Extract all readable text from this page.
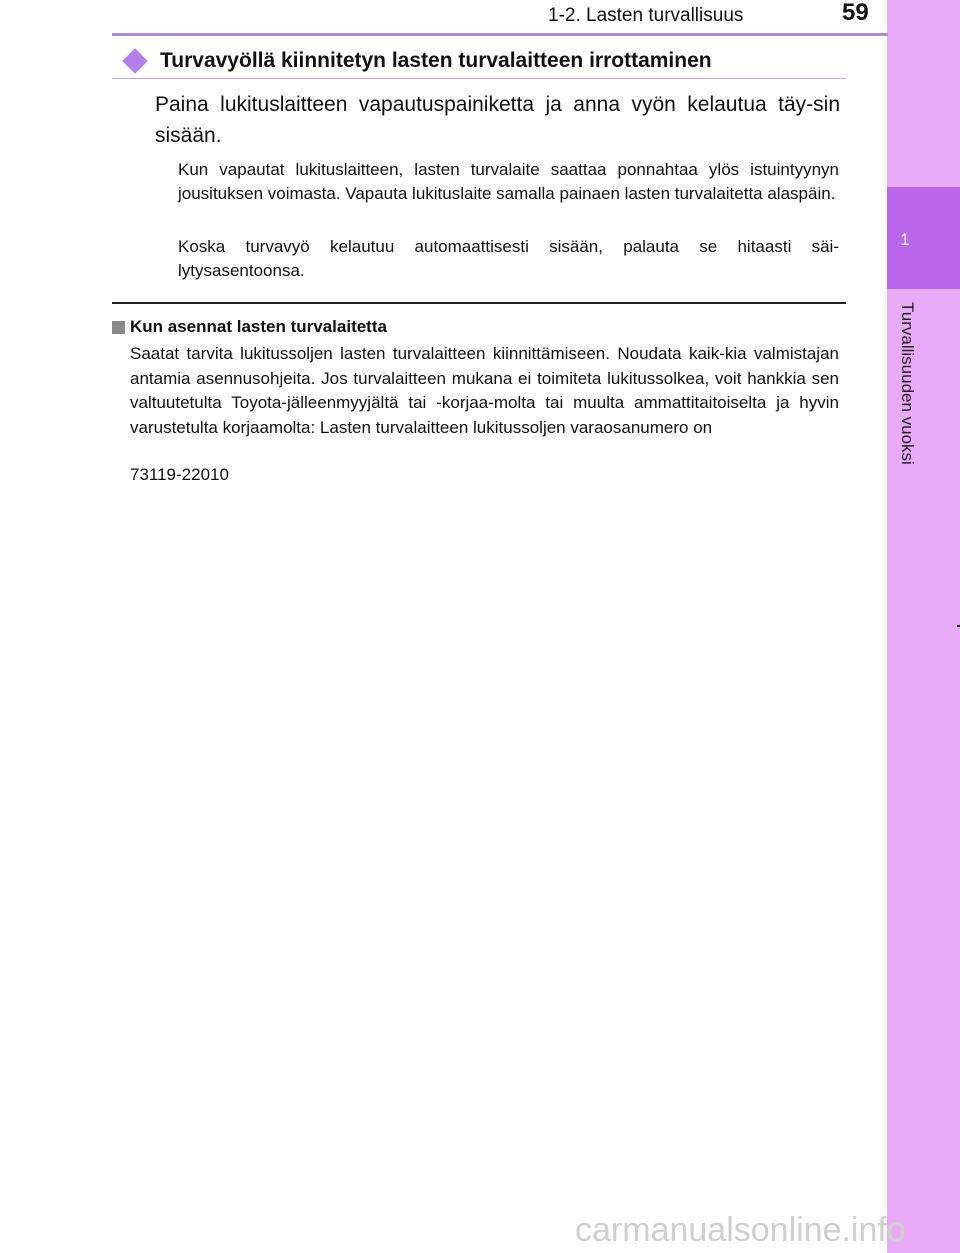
1
Turvallisuuden vuoksi
1-2. Lasten turvallisuus	59
Turvavyöllä kiinnitetyn lasten turvalaitteen irrottaminen
Paina lukituslaitteen vapautuspainiketta ja anna vyön kelautua täy-sin sisään.
Kun vapautat lukituslaitteen, lasten turvalaite saattaa ponnahtaa ylös istuintyynyn jousituksen voimasta. Vapauta lukituslaite samalla painaen lasten turvalaitetta alaspäin.
Koska turvavyö kelautuu automaattisesti sisään, palauta se hitaasti säi-lytysasentoonsa.
Kun asennat lasten turvalaitetta
Saatat tarvita lukitussoljen lasten turvalaitteen kiinnittämiseen. Noudata kaik-kia valmistajan antamia asennusohjeita. Jos turvalaitteen mukana ei toimiteta lukitussolkea, voit hankkia sen valtuutetulta Toyota-jälleenmyyjältä tai -korjaa-molta tai muulta ammattitaitoiselta ja hyvin varustetulta korjaamolta: Lasten turvalaitteen lukitussoljen varaosanumero on
73119-22010
carmanualsonline.info
